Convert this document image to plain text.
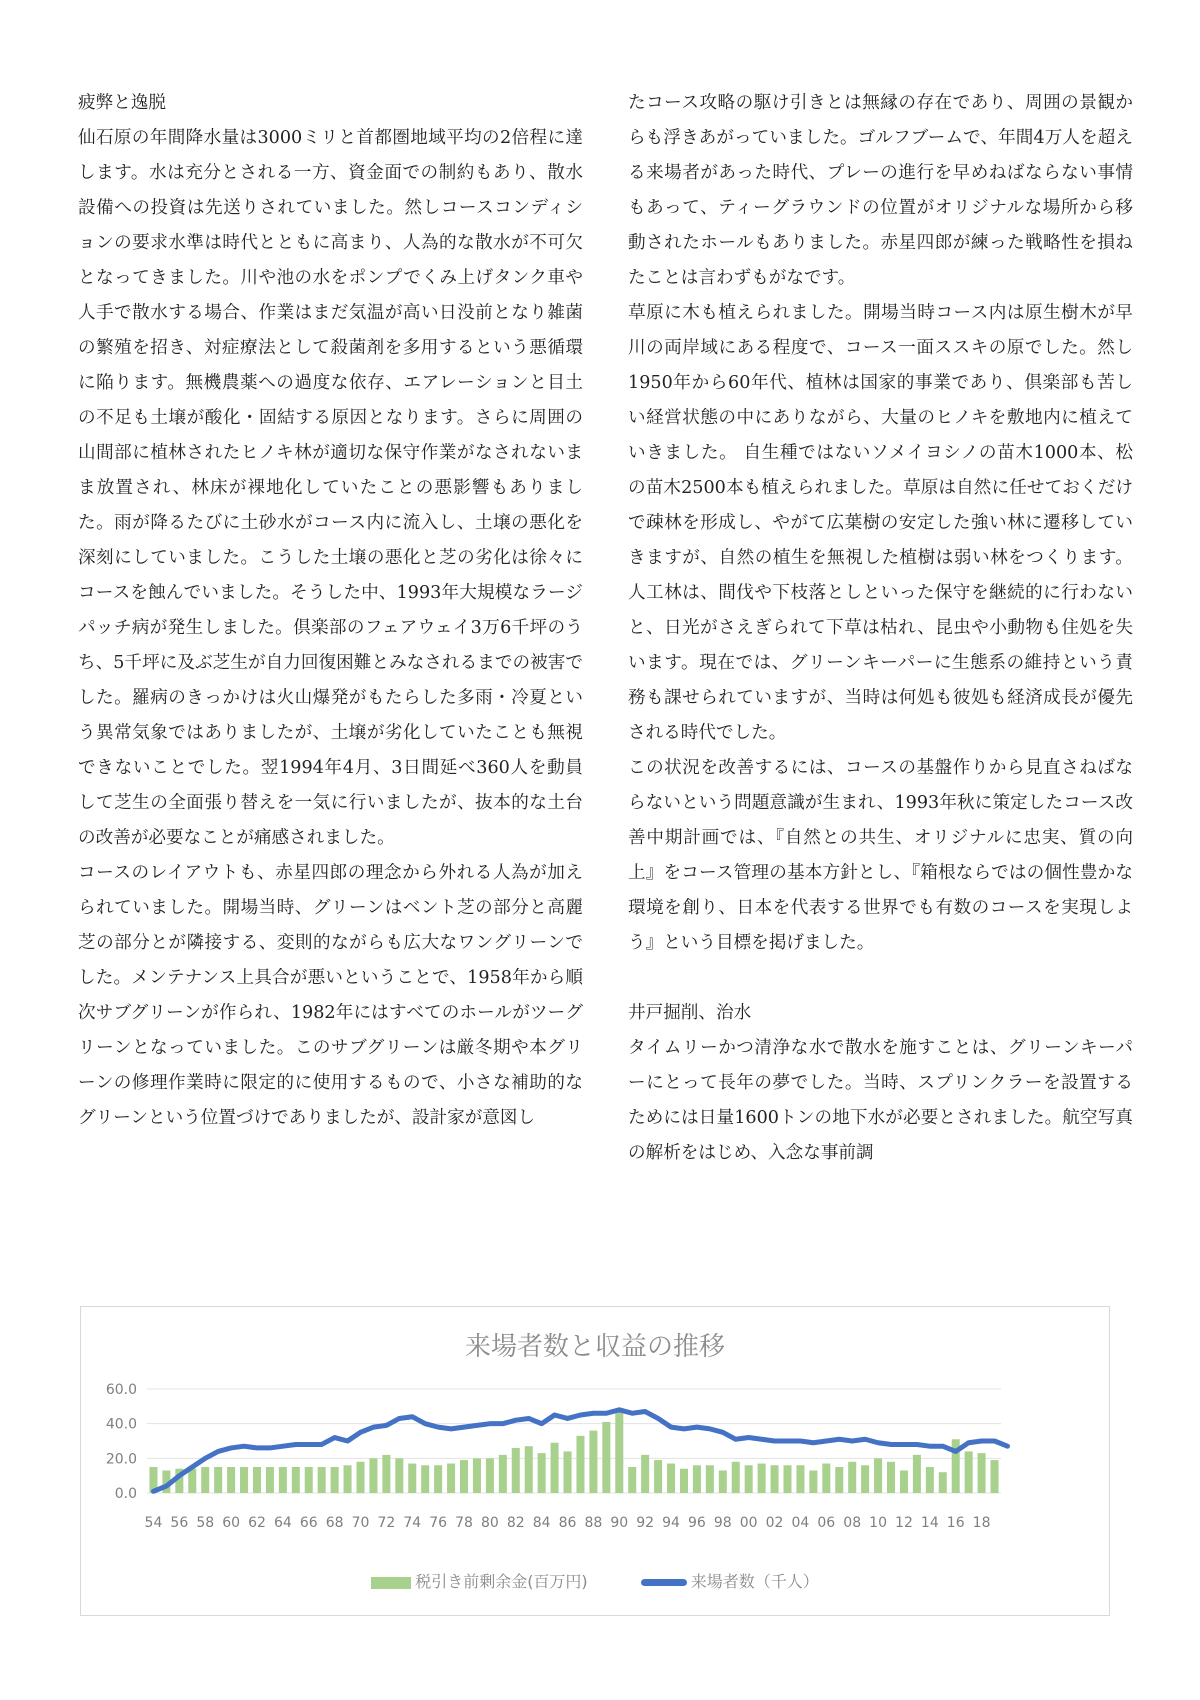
疲弊と逸脱

仙石原の年間降水量は3000ミリと首都圏地域平均の2倍程に達します。水は充分とされる一方、資金面での制約もあり、散水設備への投資は先送りされていました。然しコースコンディションの要求水準は時代とともに高まり、人為的な散水が不可欠となってきました。川や池の水をポンプでくみ上げタンク車や人手で散水する場合、作業はまだ気温が高い日没前となり雑菌の繁殖を招き、対症療法として殺菌剤を多用するという悪循環に陥ります。無機農薬への過度な依存、エアレーションと目土の不足も土壌が酸化・固結する原因となります。さらに周囲の山間部に植林されたヒノキ林が適切な保守作業がなされないまま放置され、林床が裸地化していたことの悪影響もありました。雨が降るたびに土砂水がコース内に流入し、土壌の悪化を深刻にしていました。こうした土壌の悪化と芝の劣化は徐々にコースを蝕んでいました。そうした中、1993年大規模なラージパッチ病が発生しました。倶楽部のフェアウェイ3万6千坪のうち、5千坪に及ぶ芝生が自力回復困難とみなされるまでの被害でした。羅病のきっかけは火山爆発がもたらした多雨・冷夏という異常気象ではありましたが、土壌が劣化していたことも無視できないことでした。翌1994年4月、3日間延べ360人を動員して芝生の全面張り替えを一気に行いましたが、抜本的な土台の改善が必要なことが痛感されました。

コースのレイアウトも、赤星四郎の理念から外れる人為が加えられていました。開場当時、グリーンはベント芝の部分と高麗芝の部分とが隣接する、変則的ながらも広大なワングリーンでした。メンテナンス上具合が悪いということで、1958年から順次サブグリーンが作られ、1982年にはすべてのホールがツーグリーンとなっていました。このサブグリーンは厳冬期や本グリーンの修理作業時に限定的に使用するもので、小さな補助的なグリーンという位置づけでありましたが、設計家が意図し

たコース攻略の駆け引きとは無縁の存在であり、周囲の景観からも浮きあがっていました。ゴルフブームで、年間4万人を超える来場者があった時代、プレーの進行を早めねばならない事情もあって、ティーグラウンドの位置がオリジナルな場所から移動されたホールもありました。赤星四郎が練った戦略性を損ねたことは言わずもがなです。

草原に木も植えられました。開場当時コース内は原生樹木が早川の両岸域にある程度で、コース一面ススキの原でした。然し1950年から60年代、植林は国家的事業であり、倶楽部も苦しい経営状態の中にありながら、大量のヒノキを敷地内に植えていきました。 自生種ではないソメイヨシノの苗木1000本、松の苗木2500本も植えられました。草原は自然に任せておくだけで疎林を形成し、やがて広葉樹の安定した強い林に遷移していきますが、自然の植生を無視した植樹は弱い林をつくります。人工林は、間伐や下枝落としといった保守を継続的に行わないと、日光がさえぎられて下草は枯れ、昆虫や小動物も住処を失います。現在では、グリーンキーパーに生態系の維持という責務も課せられていますが、当時は何処も彼処も経済成長が優先される時代でした。

この状況を改善するには、コースの基盤作りから見直さねばならないという問題意識が生まれ、1993年秋に策定したコース改善中期計画では、『自然との共生、オリジナルに忠実、質の向上』をコース管理の基本方針とし、『箱根ならではの個性豊かな環境を創り、日本を代表する世界でも有数のコースを実現しよう』という目標を掲げました。

井戸掘削、治水

タイムリーかつ清浄な水で散水を施すことは、グリーンキーパーにとって長年の夢でした。当時、スプリンクラーを設置するためには日量1600トンの地下水が必要とされました。航空写真の解析をはじめ、入念な事前調

来場者数と収益の推移
0.0
20.0
40.0
60.0
54 56 58 60 62 64 66 68 70 72 74 76 78 80 82 84 86 88 90 92 94 96 98 00 02 04 06 08 10 12 14 16 18
税引き前剰余金(百万円)	来場者数（千人）
